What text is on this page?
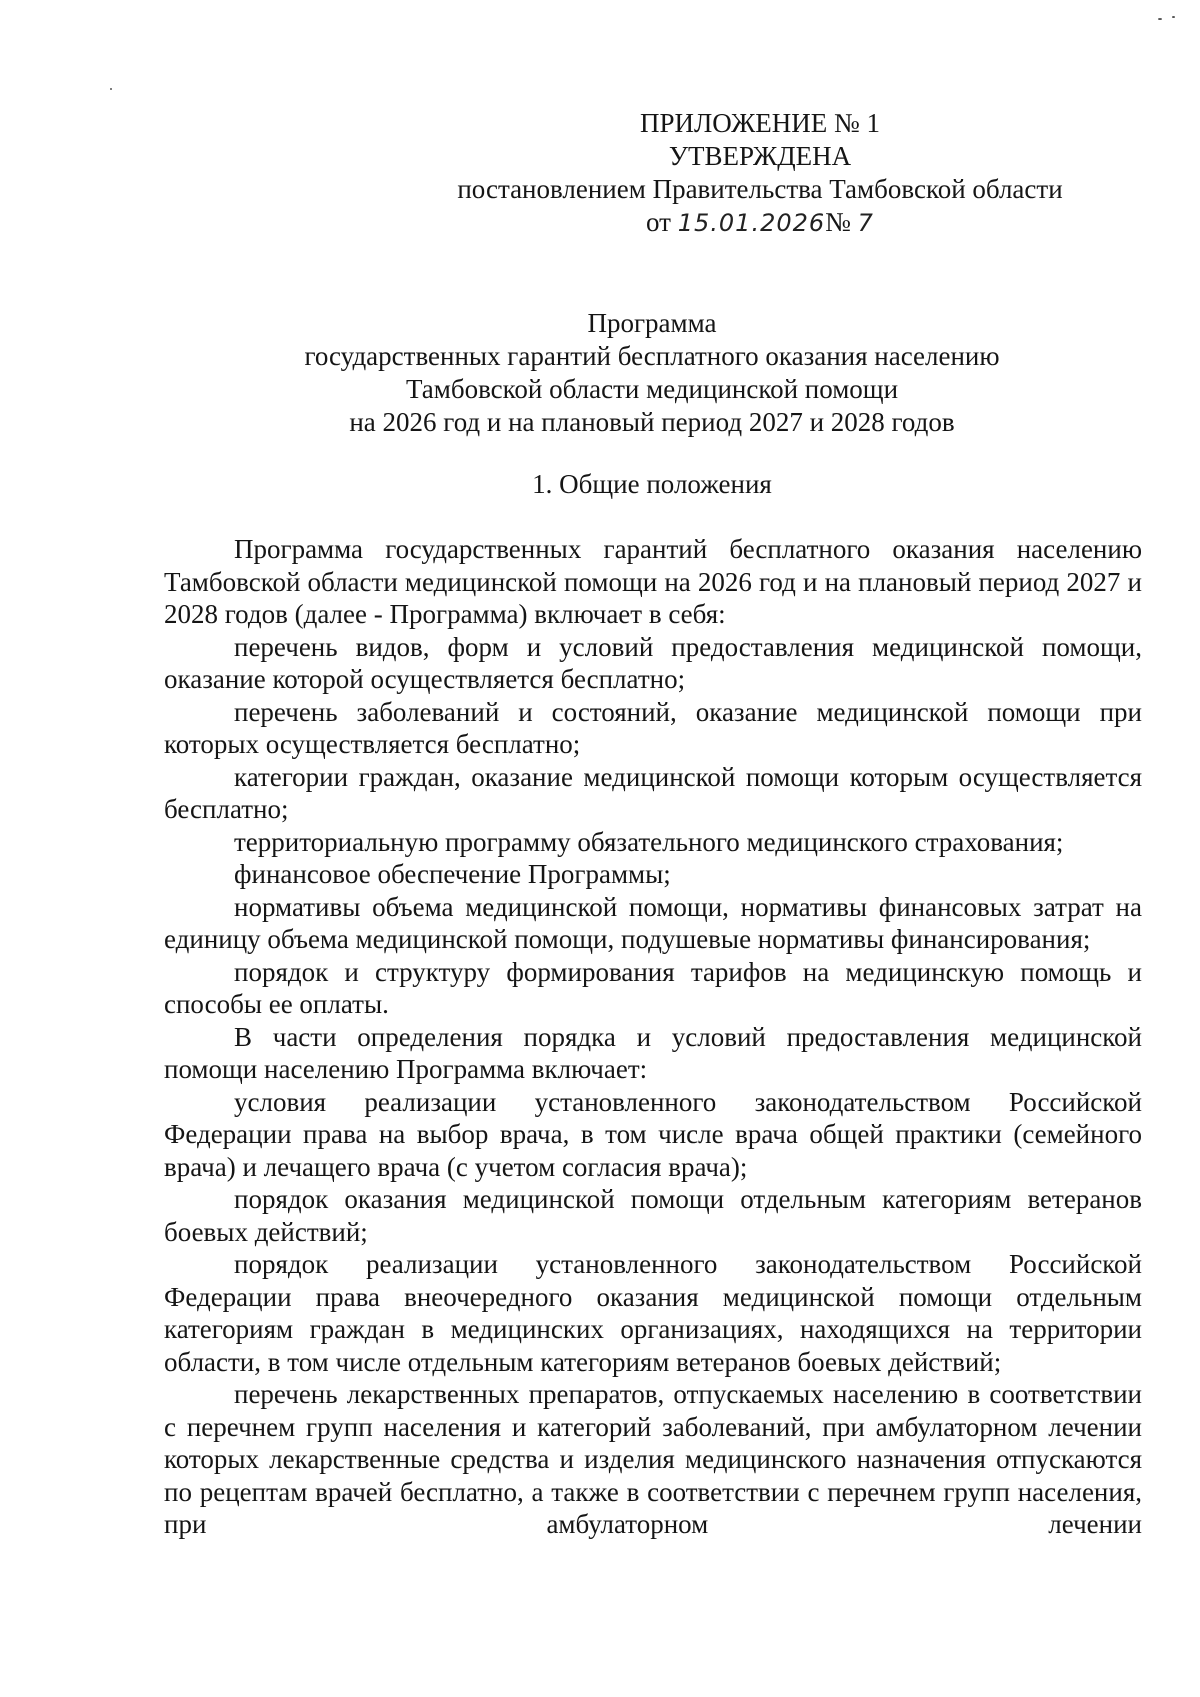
ПРИЛОЖЕНИЕ № 1
УТВЕРЖДЕНА
постановлением Правительства Тамбовской области
от 15.01.2026№ 7
Программа
государственных гарантий бесплатного оказания населению
Тамбовской области медицинской помощи
на 2026 год и на плановый период 2027 и 2028 годов
1. Общие положения

Программа государственных гарантий бесплатного оказания населению Тамбовской области медицинской помощи на 2026 год и на плановый период 2027 и 2028 годов (далее - Программа) включает в себя:

перечень видов, форм и условий предоставления медицинской помощи, оказание которой осуществляется бесплатно;

перечень заболеваний и состояний, оказание медицинской помощи при которых осуществляется бесплатно;

категории граждан, оказание медицинской помощи которым осуществляется бесплатно;

территориальную программу обязательного медицинского страхования;

финансовое обеспечение Программы;

нормативы объема медицинской помощи, нормативы финансовых затрат на единицу объема медицинской помощи, подушевые нормативы финансирования;

порядок и структуру формирования тарифов на медицинскую помощь и способы ее оплаты.

В части определения порядка и условий предоставления медицинской помощи населению Программа включает:

условия реализации установленного законодательством Российской Федерации права на выбор врача, в том числе врача общей практики (семейного врача) и лечащего врача (с учетом согласия врача);

порядок оказания медицинской помощи отдельным категориям ветеранов боевых действий;

порядок реализации установленного законодательством Российской Федерации права внеочередного оказания медицинской помощи отдельным категориям граждан в медицинских организациях, находящихся на территории области, в том числе отдельным категориям ветеранов боевых действий;

перечень лекарственных препаратов, отпускаемых населению в соответствии с перечнем групп населения и категорий заболеваний, при амбулаторном лечении которых лекарственные средства и изделия медицинского назначения отпускаются по рецептам врачей бесплатно, а также в соответствии с перечнем групп населения, при амбулаторном лечении
